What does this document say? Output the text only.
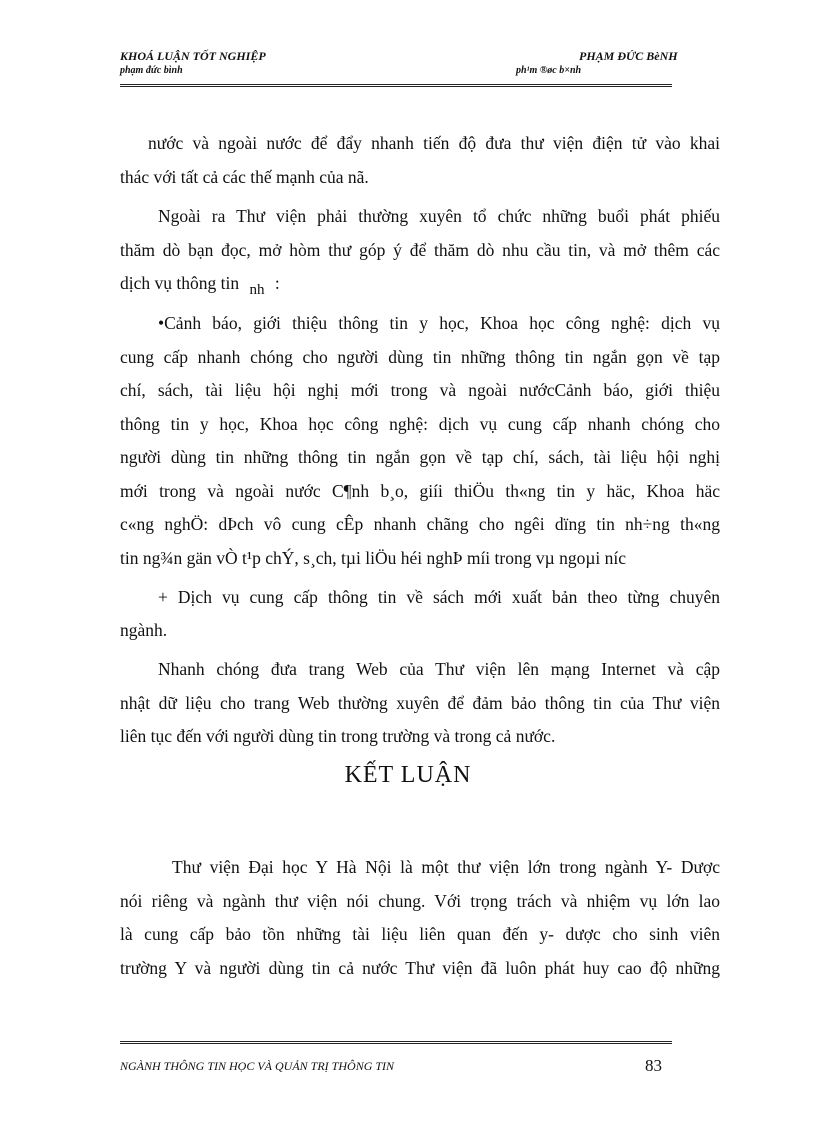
KHOÁ LUẬN TỐT NGHIỆP	PHẠM ĐỨC BèNH
phạm đức bình	ph¹m ®øc b×nh
nước và ngoài nước để đẩy nhanh tiến độ đưa thư viện điện tử vào khai
thác với tất cả các thế mạnh của nã.
Ngoài ra Thư viện phải thường xuyên tổ chức những buổi phát phiếu
thăm dò bạn đọc, mở hòm thư góp ý để thăm dò nhu cầu tin, và mở thêm các
dịch vụ thông tin nh :
•Cảnh báo, giới thiệu thông tin y học, Khoa học công nghệ: dịch vụ
cung cấp nhanh chóng cho người dùng tin những thông tin ngắn gọn về tạp
chí, sách, tài liệu hội nghị mới trong và ngoài nướcCảnh báo, giới thiệu
thông tin y học, Khoa học công nghệ: dịch vụ cung cấp nhanh chóng cho
người dùng tin những thông tin ngắn gọn về tạp chí, sách, tài liệu hội nghị
mới trong và ngoài nước C¶nh b¸o, giíi thiÖu th«ng tin y häc, Khoa häc
c«ng nghÖ: dÞch vô cung cÊp nhanh chãng cho ngêi dïng tin nh÷ng th«ng
tin ng¾n gän vÒ t¹p chÝ, s¸ch, tµi liÖu héi nghÞ míi trong vµ ngoµi níc
+ Dịch vụ cung cấp thông tin về sách mới xuất bản theo từng chuyên
ngành.
Nhanh chóng đưa trang Web của Thư viện lên mạng Internet và cập
nhật dữ liệu cho trang Web thường xuyên để đảm bảo thông tin của Thư viện
liên tục đến với người dùng tin trong trường và trong cả nước.
KẾT LUẬN
Thư viện Đại học Y Hà Nội là một thư viện lớn trong ngành Y- Dược
nói riêng và ngành thư viện nói chung. Với trọng trách và nhiệm vụ lớn lao
là cung cấp bảo tồn những tài liệu liên quan đến y- dược cho sinh viên
trường Y và người dùng tin cả nước Thư viện đã luôn phát huy cao độ những
NGÀNH THÔNG TIN HỌC VÀ QUẢN TRỊ THÔNG TIN	83
